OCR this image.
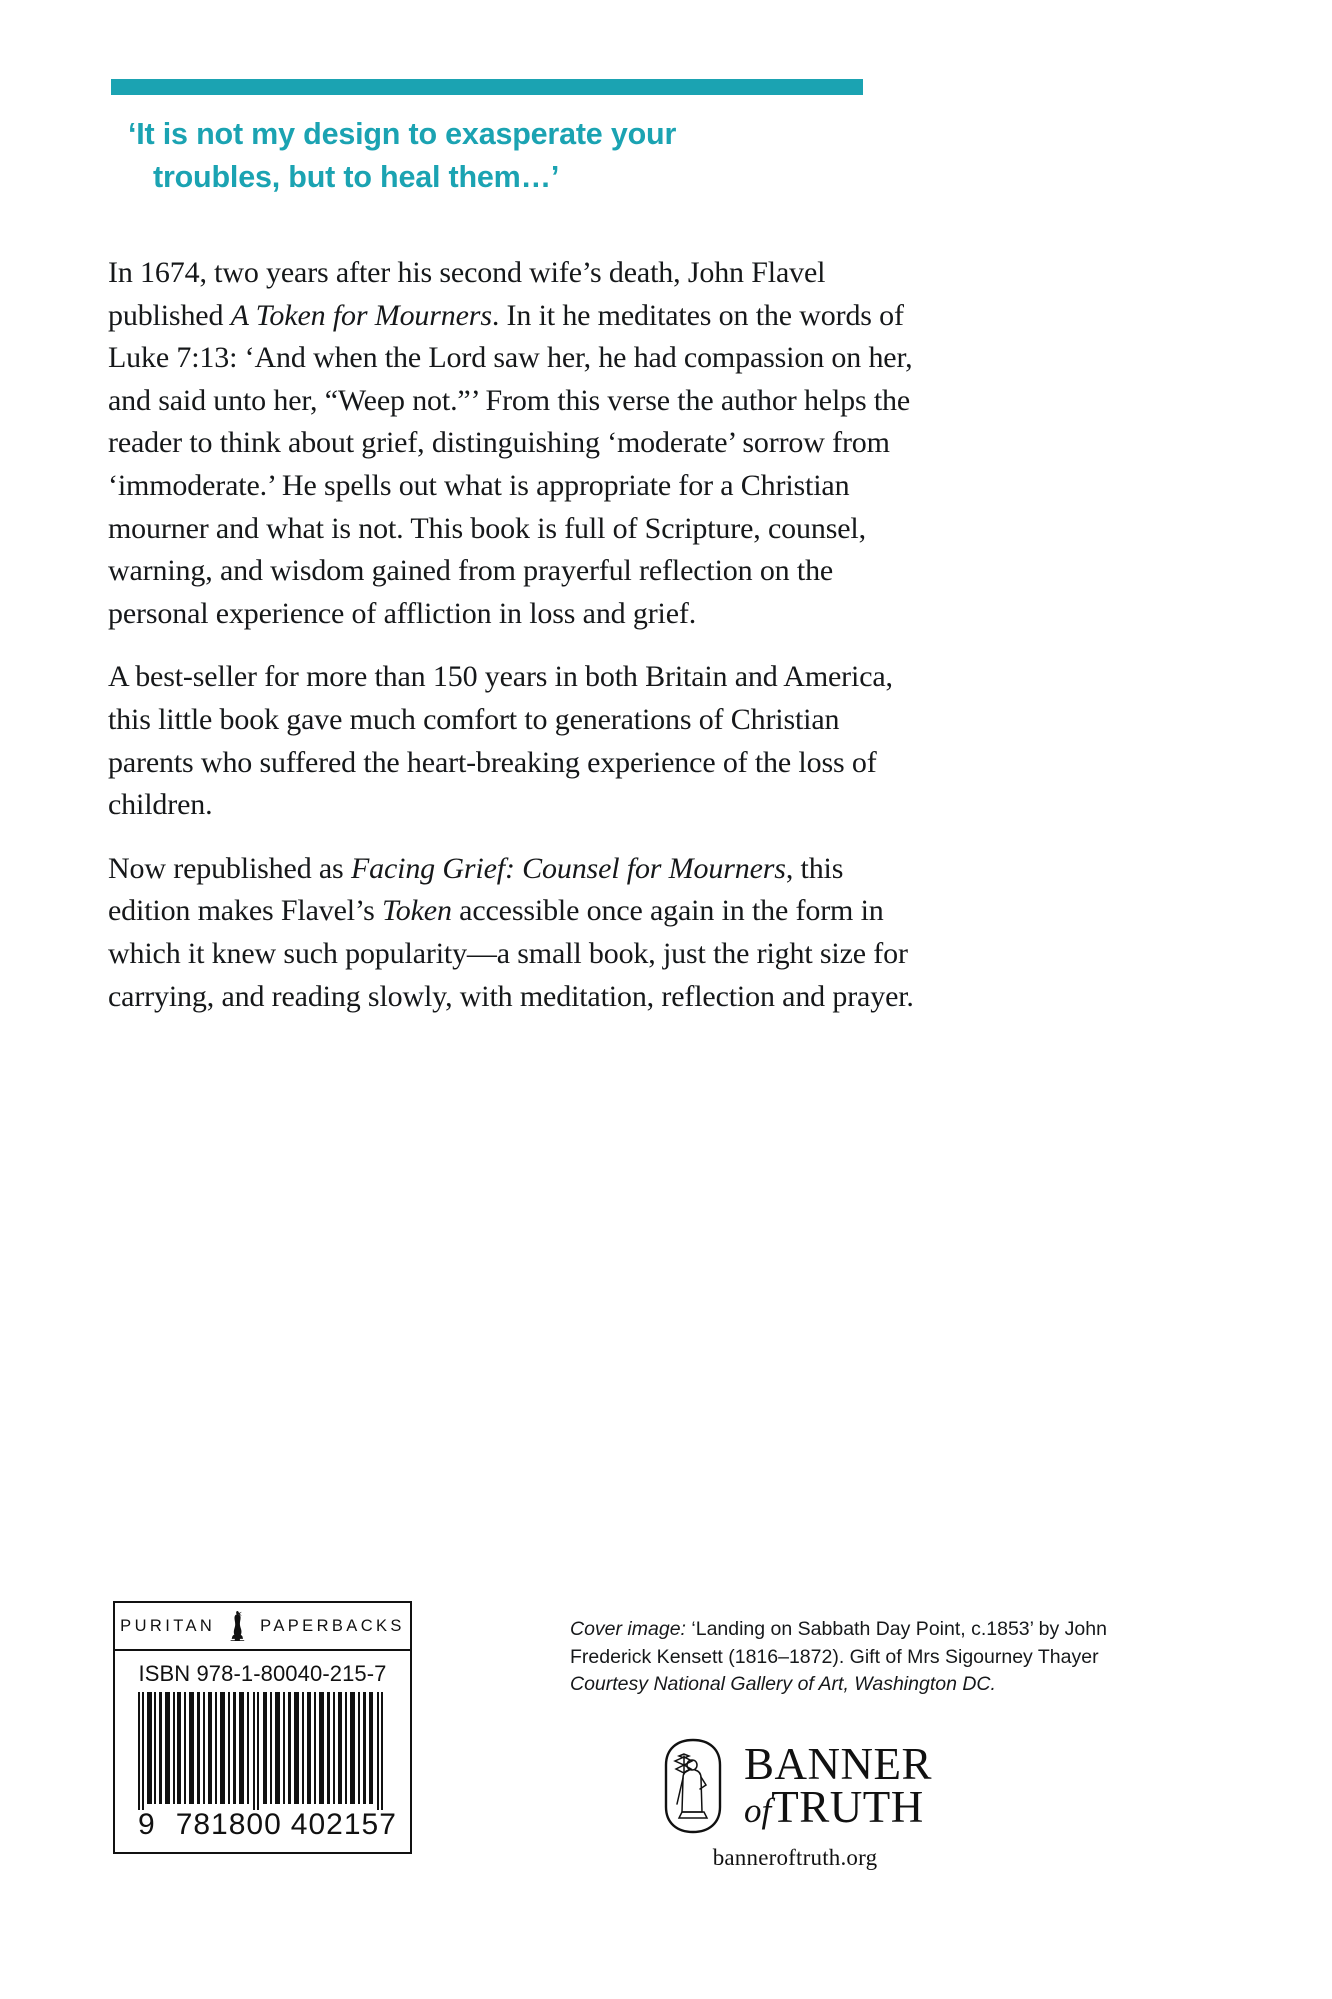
‘It is not my design to exasperate your
troubles, but to heal them…’

In 1674, two years after his second wife’s death, John Flavel published A Token for Mourners. In it he meditates on the words of Luke 7:13: ‘And when the Lord saw her, he had compassion on her, and said unto her, “Weep not.”’ From this verse the author helps the reader to think about grief, distinguishing ‘moderate’ sorrow from ‘immoderate.’ He spells out what is appropriate for a Christian mourner and what is not. This book is full of Scripture, counsel, warning, and wisdom gained from prayerful reflection on the personal experience of affliction in loss and grief.

A best-seller for more than 150 years in both Britain and America, this little book gave much comfort to generations of Christian parents who suffered the heart-breaking experience of the loss of children.

Now republished as Facing Grief: Counsel for Mourners, this edition makes Flavel’s Token accessible once again in the form in which it knew such popularity—a small book, just the right size for carrying, and reading slowly, with meditation, reflection and prayer.

PURITAN	PAPERBACKS
ISBN 978-1-80040-215-7
9 781800 402157
Cover image: ‘Landing on Sabbath Day Point, c.1853’ by John
Frederick Kensett (1816–1872). Gift of Mrs Sigourney Thayer
Courtesy National Gallery of Art, Washington DC.
BANNER
ofTRUTH
banneroftruth.org
